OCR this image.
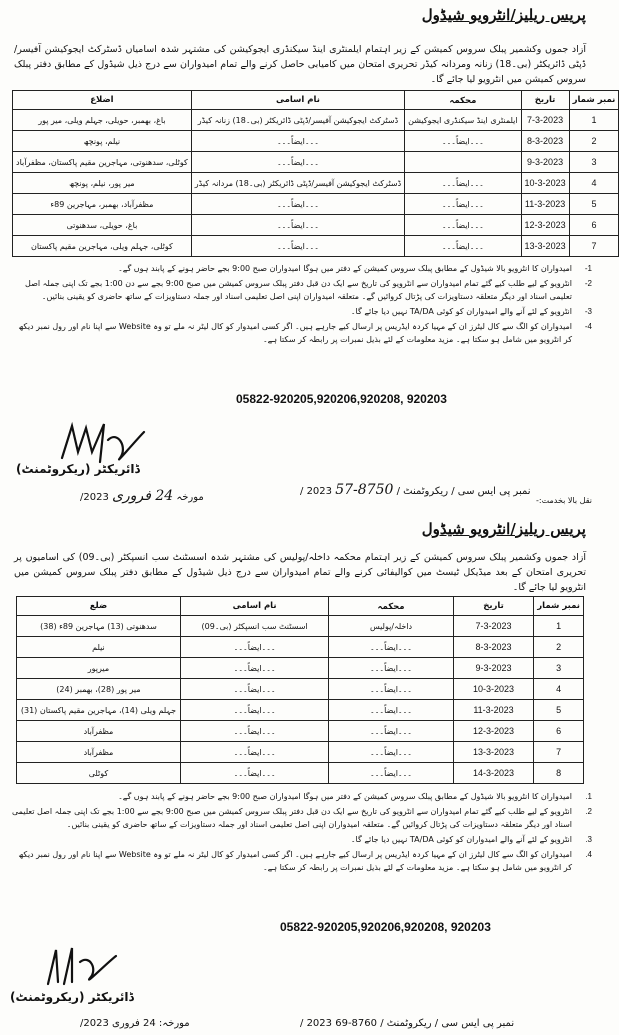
پریس ریلیز/انٹرویو شیڈول
آزاد جموں وکشمیر پبلک سروس کمیشن کے زیر اہتمام ایلمنٹری اینڈ سیکنڈری ایجوکیشن کی مشتہر شدہ اسامیاں ڈسٹرکٹ ایجوکیشن آفیسر/ڈپٹی ڈائریکٹر (بی۔18) زنانہ ومردانہ کیڈر تحریری امتحان میں کامیابی حاصل کرنے والے تمام امیدواران سے درج ذیل شیڈول کے مطابق دفتر پبلک سروس کمیشن میں انٹرویو لیا جائے گا۔
نمبر شمار	تاریخ	محکمہ	نام اسامی	اضلاع
1	7-3-2023	ایلمنٹری اینڈ سیکنڈری ایجوکیشن	ڈسٹرکٹ ایجوکیشن آفیسر/ڈپٹی ڈائریکٹر (بی۔18) زنانہ کیڈر	باغ، بھمبر، حویلی، جہلم ویلی، میر پور
2	8-3-2023	۔۔۔ایضاً۔۔۔	۔۔۔ایضاً۔۔۔	نیلم، پونچھ
3	9-3-2023		۔۔۔ایضاً۔۔۔	کوٹلی، سدھنوتی، مہاجرین مقیم پاکستان، مظفرآباد
4	10-3-2023	۔۔۔ایضاً۔۔۔	ڈسٹرکٹ ایجوکیشن آفیسر/ڈپٹی ڈائریکٹر (بی۔18) مردانہ کیڈر	میر پور، نیلم، پونچھ
5	11-3-2023	۔۔۔ایضاً۔۔۔	۔۔۔ایضاً۔۔۔	مظفرآباد، بھمبر، مہاجرین 89ء
6	12-3-2023	۔۔۔ایضاً۔۔۔	۔۔۔ایضاً۔۔۔	باغ، حویلی، سدھنوتی
7	13-3-2023	۔۔۔ایضاً۔۔۔	۔۔۔ایضاً۔۔۔	کوٹلی، جہلم ویلی، مہاجرین مقیم پاکستان
1-
امیدواران کا انٹرویو بالا شیڈول کے مطابق پبلک سروس کمیشن کے دفتر میں ہوگا امیدواران صبح 9:00 بجے حاضر ہونے کے پابند ہوں گے۔
2-
انٹرویو کے لیے طلب کیے گئے تمام امیدواران سے انٹرویو کی تاریخ سے ایک دن قبل دفتر پبلک سروس کمیشن میں صبح 9:00 بجے سے دن 1:00 بجے تک اپنی جملہ اصل تعلیمی اسناد اور دیگر متعلقہ دستاویزات کی پڑتال کروائیں گے۔ متعلقہ امیدواران اپنی اصل تعلیمی اسناد اور جملہ دستاویزات کے ساتھ حاضری کو یقینی بنائیں۔
3-
انٹرویو کے لئے آنے والے امیدواران کو کوئی TA/DA نہیں دیا جائے گا۔
4-
امیدواران کو الگ سے کال لیٹرز ان کے مہیا کردہ ایڈریس پر ارسال کیے جارہے ہیں۔ اگر کسی امیدوار کو کال لیٹر نہ ملے تو وہ Website سے اپنا نام اور رول نمبر دیکھ کر انٹرویو میں شامل ہو سکتا ہے۔ مزید معلومات کے لئے بذیل نمبرات پر رابطہ کر سکتا ہے۔
05822-920205,920206,920208, 920203
ڈائریکٹر (ریکروٹمنٹ)
نمبر پی ایس سی / ریکروٹمنٹ / 8750-57 2023 /
مورخہ 24 فروری 2023/	نقل بالا بخدمت:-
پریس ریلیز/انٹرویو شیڈول
آزاد جموں وکشمیر پبلک سروس کمیشن کے زیر اہتمام محکمہ داخلہ/پولیس کی مشتہر شدہ اسسٹنٹ سب انسپکٹر (بی۔09) کی اسامیوں پر تحریری امتحان کے بعد میڈیکل ٹیسٹ میں کوالیفائی کرنے والے تمام امیدواران سے درج ذیل شیڈول کے مطابق دفتر پبلک سروس کمیشن میں انٹرویو لیا جائے گا۔
نمبر شمار	تاریخ	محکمہ	نام اسامی	ضلع
1	7-3-2023	داخلہ/پولیس	اسسٹنٹ سب انسپکٹر (بی۔09)	سدھنوتی (13) مہاجرین 89ء (38)
2	8-3-2023	۔۔۔ایضاً۔۔۔	۔۔۔ایضاً۔۔۔	نیلم
3	9-3-2023	۔۔۔ایضاً۔۔۔	۔۔۔ایضاً۔۔۔	میرپور
4	10-3-2023	۔۔۔ایضاً۔۔۔	۔۔۔ایضاً۔۔۔	میر پور (28)، بھمبر (24)
5	11-3-2023	۔۔۔ایضاً۔۔۔	۔۔۔ایضاً۔۔۔	جہلم ویلی (14)، مہاجرین مقیم پاکستان (31)
6	12-3-2023	۔۔۔ایضاً۔۔۔	۔۔۔ایضاً۔۔۔	مظفرآباد
7	13-3-2023	۔۔۔ایضاً۔۔۔	۔۔۔ایضاً۔۔۔	مظفرآباد
8	14-3-2023	۔۔۔ایضاً۔۔۔	۔۔۔ایضاً۔۔۔	کوٹلی
1.
امیدواران کا انٹرویو بالا شیڈول کے مطابق پبلک سروس کمیشن کے دفتر میں ہوگا امیدواران صبح 9:00 بجے حاضر ہونے کے پابند ہوں گے۔
2.
انٹرویو کے لیے طلب کیے گئے تمام امیدواران سے انٹرویو کی تاریخ سے ایک دن قبل دفتر پبلک سروس کمیشن میں صبح 9:00 بجے سے 1:00 بجے تک اپنی جملہ اصل تعلیمی اسناد اور دیگر متعلقہ دستاویزات کی پڑتال کروائیں گے۔ متعلقہ امیدواران اپنی اصل تعلیمی اسناد اور جملہ دستاویزات کے ساتھ حاضری کو یقینی بنائیں۔
3.
انٹرویو کے لئے آنے والے امیدواران کو کوئی TA/DA نہیں دیا جائے گا۔
4.
امیدواران کو الگ سے کال لیٹرز ان کے مہیا کردہ ایڈریس پر ارسال کیے جارہے ہیں۔ اگر کسی امیدوار کو کال لیٹر نہ ملے تو وہ Website سے اپنا نام اور رول نمبر دیکھ کر انٹرویو میں شامل ہو سکتا ہے۔ مزید معلومات کے لئے بذیل نمبرات پر رابطہ کر سکتا ہے۔
05822-920205,920206,920208, 920203
ڈائریکٹر (ریکروٹمنٹ)
نمبر پی ایس سی / ریکروٹمنٹ / 8760-69 2023 /
مورخہ: 24 فروری 2023/
